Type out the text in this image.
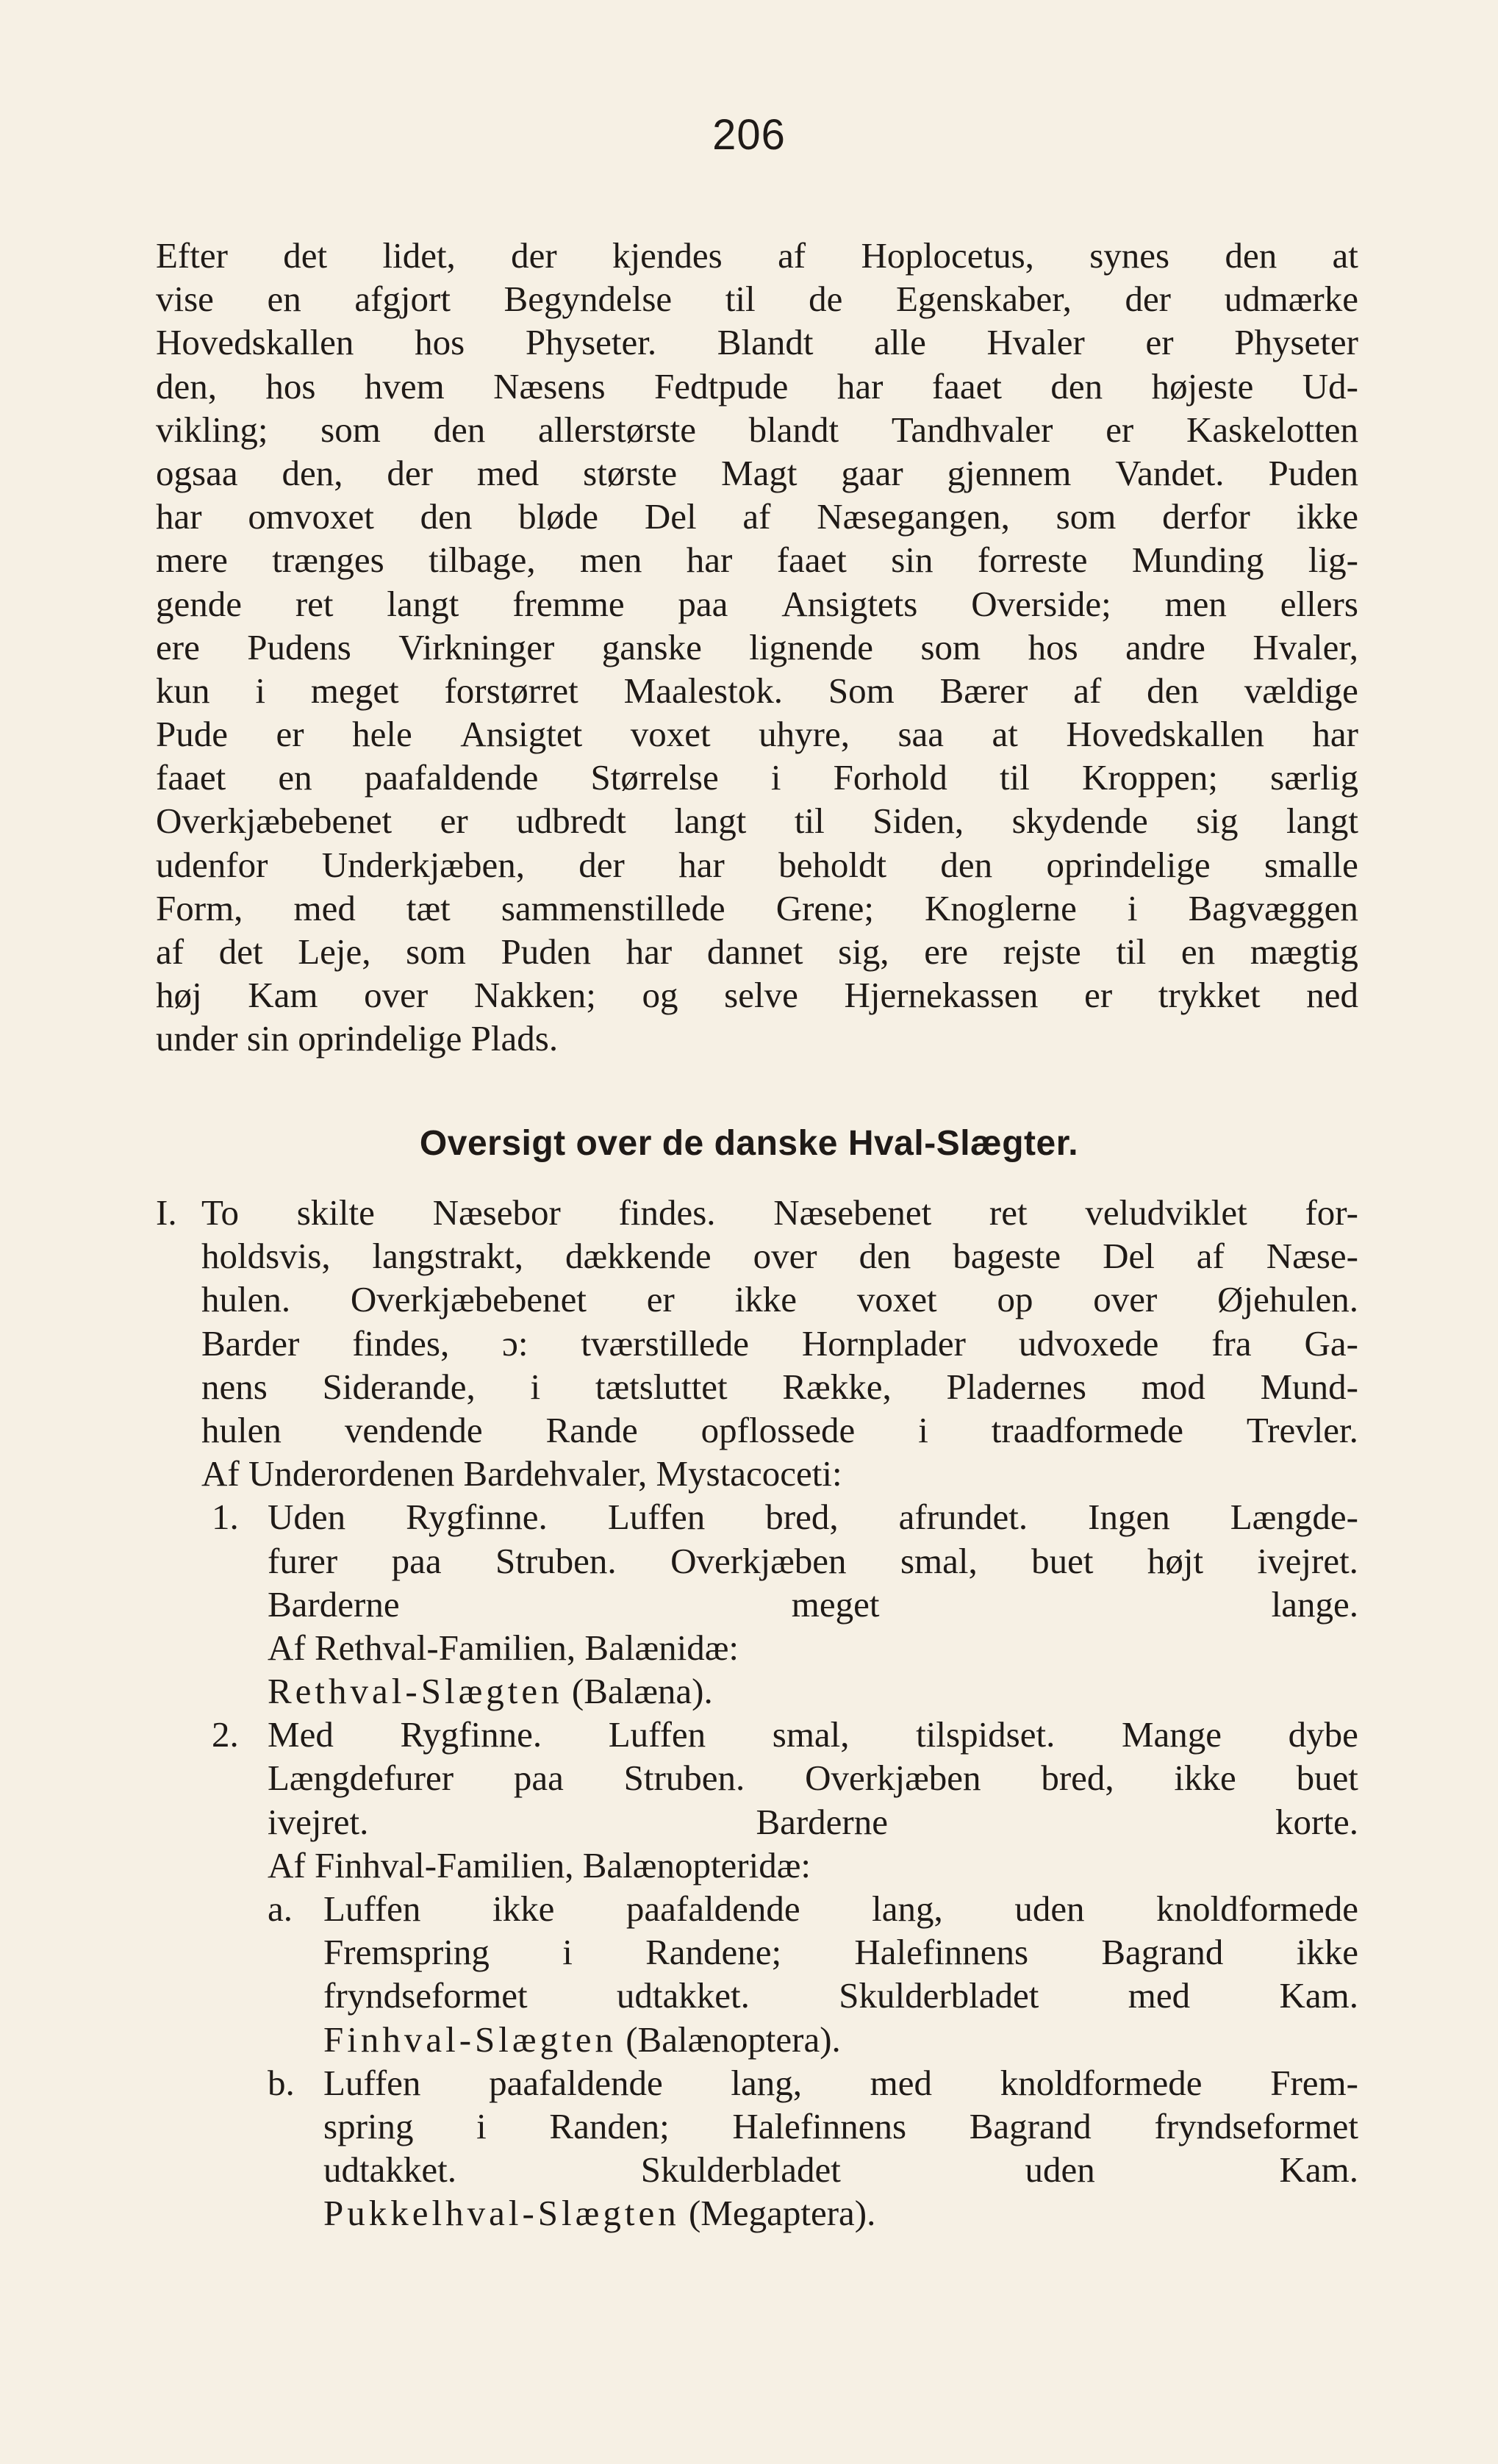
206
Efter det lidet, der kjendes af Hoplocetus, synes den at
vise en afgjort Begyndelse til de Egenskaber, der udmærke
Hovedskallen hos Physeter. Blandt alle Hvaler er Physeter
den, hos hvem Næsens Fedtpude har faaet den højeste Ud-
vikling; som den allerstørste blandt Tandhvaler er Kaskelotten
ogsaa den, der med største Magt gaar gjennem Vandet. Puden
har omvoxet den bløde Del af Næsegangen, som derfor ikke
mere trænges tilbage, men har faaet sin forreste Munding lig-
gende ret langt fremme paa Ansigtets Overside; men ellers
ere Pudens Virkninger ganske lignende som hos andre Hvaler,
kun i meget forstørret Maalestok. Som Bærer af den vældige
Pude er hele Ansigtet voxet uhyre, saa at Hovedskallen har
faaet en paafaldende Størrelse i Forhold til Kroppen; særlig
Overkjæbebenet er udbredt langt til Siden, skydende sig langt
udenfor Underkjæben, der har beholdt den oprindelige smalle
Form, med tæt sammenstillede Grene; Knoglerne i Bagvæggen
af det Leje, som Puden har dannet sig, ere rejste til en mægtig
høj Kam over Nakken; og selve Hjernekassen er trykket ned
under sin oprindelige Plads.
Oversigt over de danske Hval-Slægter.
I. To skilte Næsebor findes. Næsebenet ret veludviklet for-
holdsvis, langstrakt, dækkende over den bageste Del af Næse-
hulen. Overkjæbebenet er ikke voxet op over Øjehulen.
Barder findes, ɔ: tværstillede Hornplader udvoxede fra Ga-
nens Siderande, i tætsluttet Række, Pladernes mod Mund-
hulen vendende Rande opflossede i traadformede Trevler.
Af Underordenen Bardehvaler, Mystacoceti:
1. Uden Rygfinne. Luffen bred, afrundet. Ingen Længde-
furer paa Struben. Overkjæben smal, buet højt ivejret.
Barderne	meget	lange.
Af Rethval-Familien, Balænidæ:
Rethval-Slægten
(Balæna).
2. Med Rygfinne. Luffen smal, tilspidset. Mange dybe
Længdefurer paa Struben. Overkjæben bred, ikke buet
ivejret.	Barderne	korte.
Af Finhval-Familien, Balænopteridæ:
a. Luffen ikke paafaldende lang, uden knoldformede
Fremspring i Randene; Halefinnens Bagrand ikke
fryndseformet udtakket. Skulderbladet med Kam.
Finhval-Slægten
(Balænoptera).
b. Luffen paafaldende lang, med knoldformede Frem-
spring i Randen; Halefinnens Bagrand fryndseformet
udtakket.	Skulderbladet	uden	Kam.
Pukkelhval-Slægten
(Megaptera).
